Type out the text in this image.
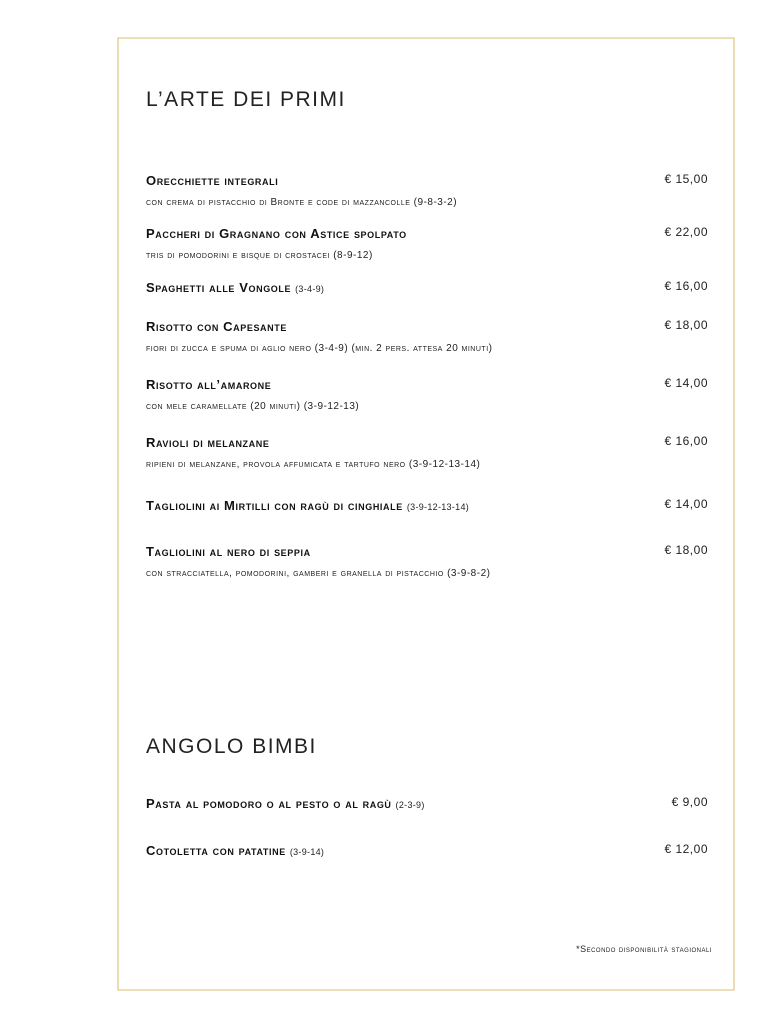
L’ARTE DEI PRIMI
Orecchiette integrali	€ 15,00
con crema di pistacchio di Bronte e code di mazzancolle (9-8-3-2)
Paccheri di Gragnano con Astice spolpato	€ 22,00
tris di pomodorini e bisque di crostacei (8-9-12)
Spaghetti alle Vongole (3-4-9)	€ 16,00
Risotto con Capesante	€ 18,00
fiori di zucca e spuma di aglio nero (3-4-9) (min. 2 pers. attesa 20 minuti)
Risotto all’amarone	€ 14,00
con mele caramellate (20 minuti) (3-9-12-13)
Ravioli di melanzane	€ 16,00
ripieni di melanzane, provola affumicata e tartufo nero (3-9-12-13-14)
Tagliolini ai Mirtilli con ragù di cinghiale (3-9-12-13-14)	€ 14,00
Tagliolini al nero di seppia	€ 18,00
con stracciatella, pomodorini, gamberi e granella di pistacchio (3-9-8-2)
ANGOLO BIMBI
Pasta al pomodoro o al pesto o al ragù (2-3-9)	€ 9,00
Cotoletta con patatine (3-9-14)	€ 12,00
*Secondo disponibilità stagionali
